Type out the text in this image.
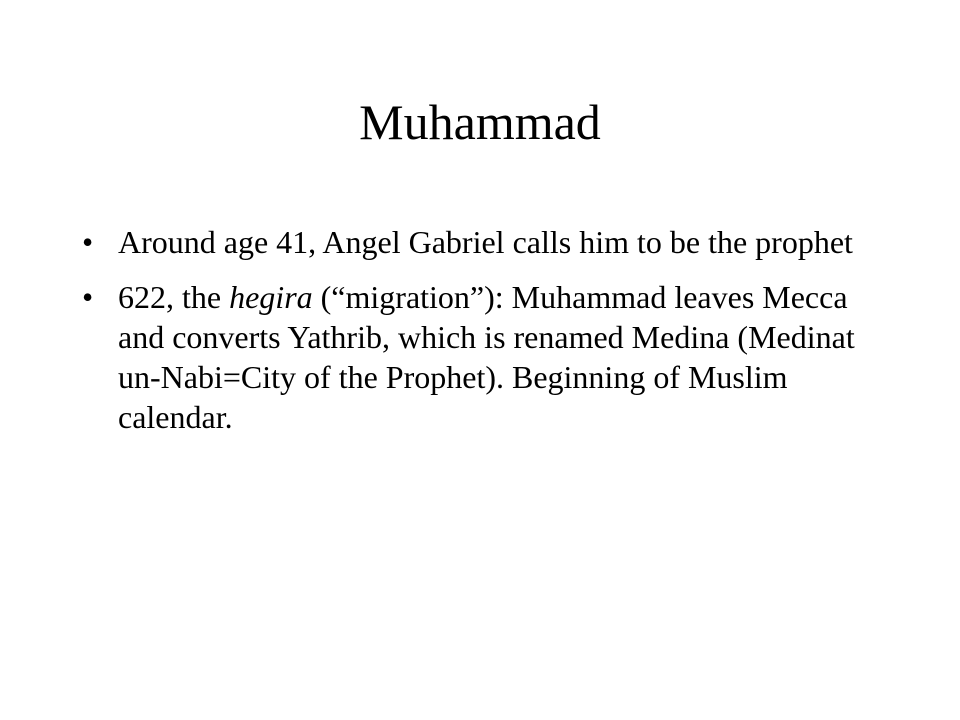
Muhammad
• Around age 41, Angel Gabriel calls him to be the prophet
• 622, the hegira (“migration”): Muhammad leaves Mecca and converts Yathrib, which is renamed Medina (Medinat un-Nabi=City of the Prophet). Beginning of Muslim calendar.
